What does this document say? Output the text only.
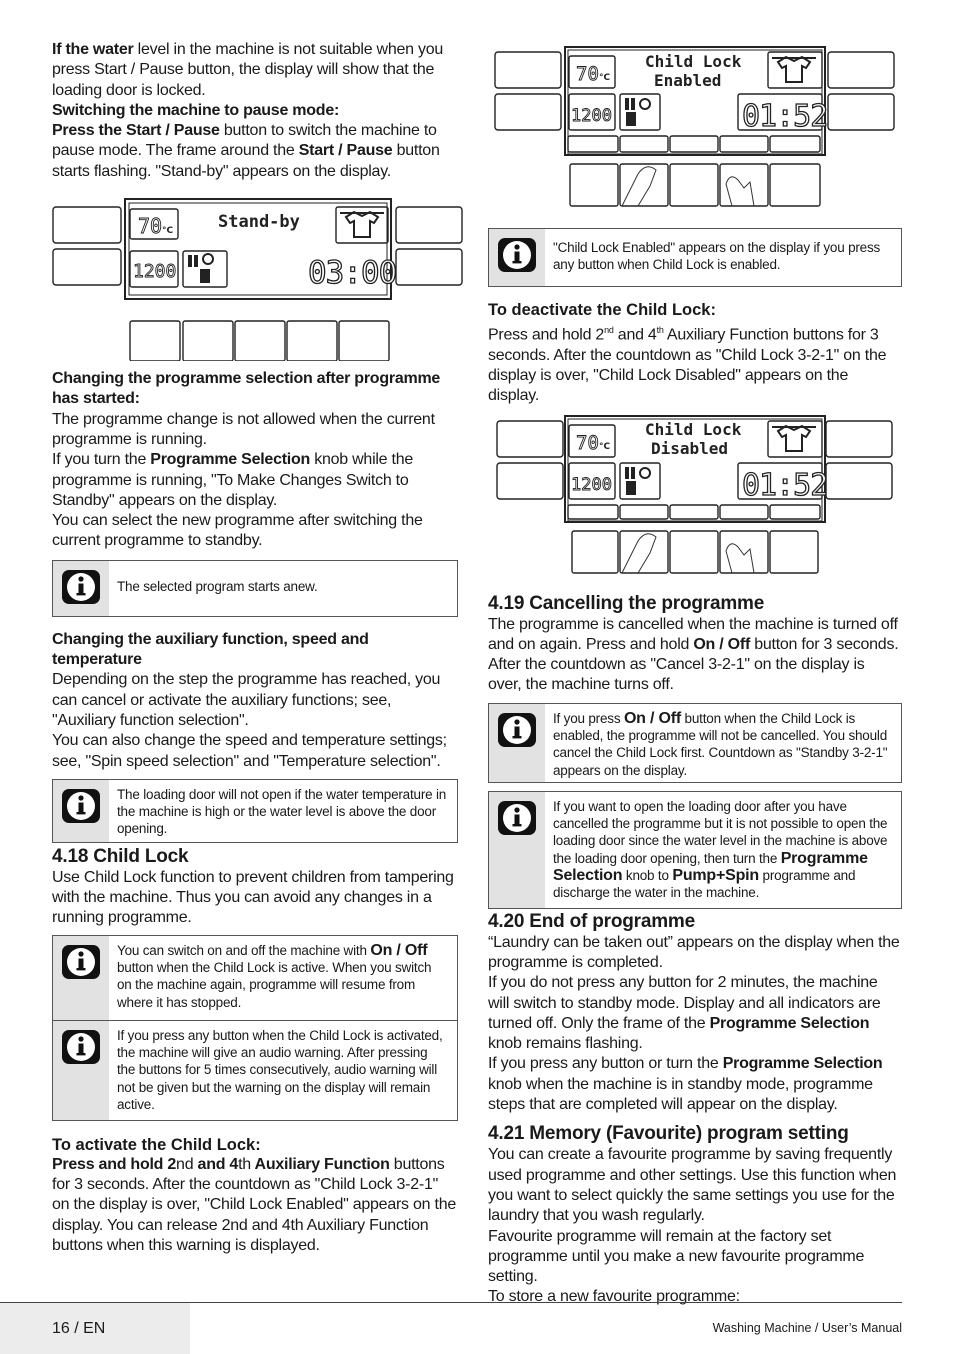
If the water level in the machine is not suitable when you press Start / Pause button, the display will show that the loading door is locked.

Switching the machine to pause mode:

Press the Start / Pause button to switch the machine to pause mode. The frame around the Start / Pause button starts flashing. "Stand-by" appears on the display.

70 °C	Stand-by
1200	03:00

Changing the programme selection after programme has started:

The programme change is not allowed when the current programme is running.

If you turn the Programme Selection knob while the programme is running, "To Make Changes Switch to Standby" appears on the display.

You can select the new programme after switching the current programme to standby.

The selected program starts anew.

Changing the auxiliary function, speed and temperature

Depending on the step the programme has reached, you can cancel or activate the auxiliary functions; see, "Auxiliary function selection".

You can also change the speed and temperature settings; see, "Spin speed selection" and "Temperature selection".

The loading door will not open if the water temperature in the machine is high or the water level is above the door opening.
4.18 Child Lock

Use Child Lock function to prevent children from tampering with the machine. Thus you can avoid any changes in a running programme.

You can switch on and off the machine with On / Off button when the Child Lock is active. When you switch on the machine again, programme will resume from where it has stopped.
If you press any button when the Child Lock is activated, the machine will give an audio warning. After pressing the buttons for 5 times consecutively, audio warning will not be given but the warning on the display will remain active.
To activate the Child Lock:

Press and hold 2nd and 4th Auxiliary Function buttons for 3 seconds. After the countdown as "Child Lock 3-2-1" on the display is over, "Child Lock Enabled" appears on the display. You can release 2nd and 4th Auxiliary Function buttons when this warning is displayed.

70 °C
Child Lock
Enabled
1200	01:52
"Child Lock Enabled" appears on the display if you press any button when Child Lock is enabled.
To deactivate the Child Lock:

Press and hold 2nd and 4th Auxiliary Function buttons for 3 seconds. After the countdown as "Child Lock 3-2-1" on the display is over, "Child Lock Disabled" appears on the display.

70 °C
Child Lock
Disabled
1200	01:52
4.19 Cancelling the programme

The programme is cancelled when the machine is turned off and on again. Press and hold On / Off button for 3 seconds. After the countdown as "Cancel 3-2-1" on the display is over, the machine turns off.

If you press On / Off button when the Child Lock is enabled, the programme will not be cancelled. You should cancel the Child Lock first. Countdown as "Standby 3-2-1" appears on the display.
If you want to open the loading door after you have cancelled the programme but it is not possible to open the loading door since the water level in the machine is above the loading door opening, then turn the Programme Selection knob to Pump+Spin programme and discharge the water in the machine.
4.20 End of programme

“Laundry can be taken out” appears on the display when the programme is completed.

If you do not press any button for 2 minutes, the machine will switch to standby mode. Display and all indicators are turned off. Only the frame of the Programme Selection knob remains flashing.

If you press any button or turn the Programme Selection knob when the machine is in standby mode, programme steps that are completed will appear on the display.

4.21 Memory (Favourite) program setting

You can create a favourite programme by saving frequently used programme and other settings. Use this function when you want to select quickly the same settings you use for the laundry that you wash regularly.

Favourite programme will remain at the factory set programme until you make a new favourite programme setting.

To store a new favourite programme:

16 / EN	Washing Machine / User’s Manual
